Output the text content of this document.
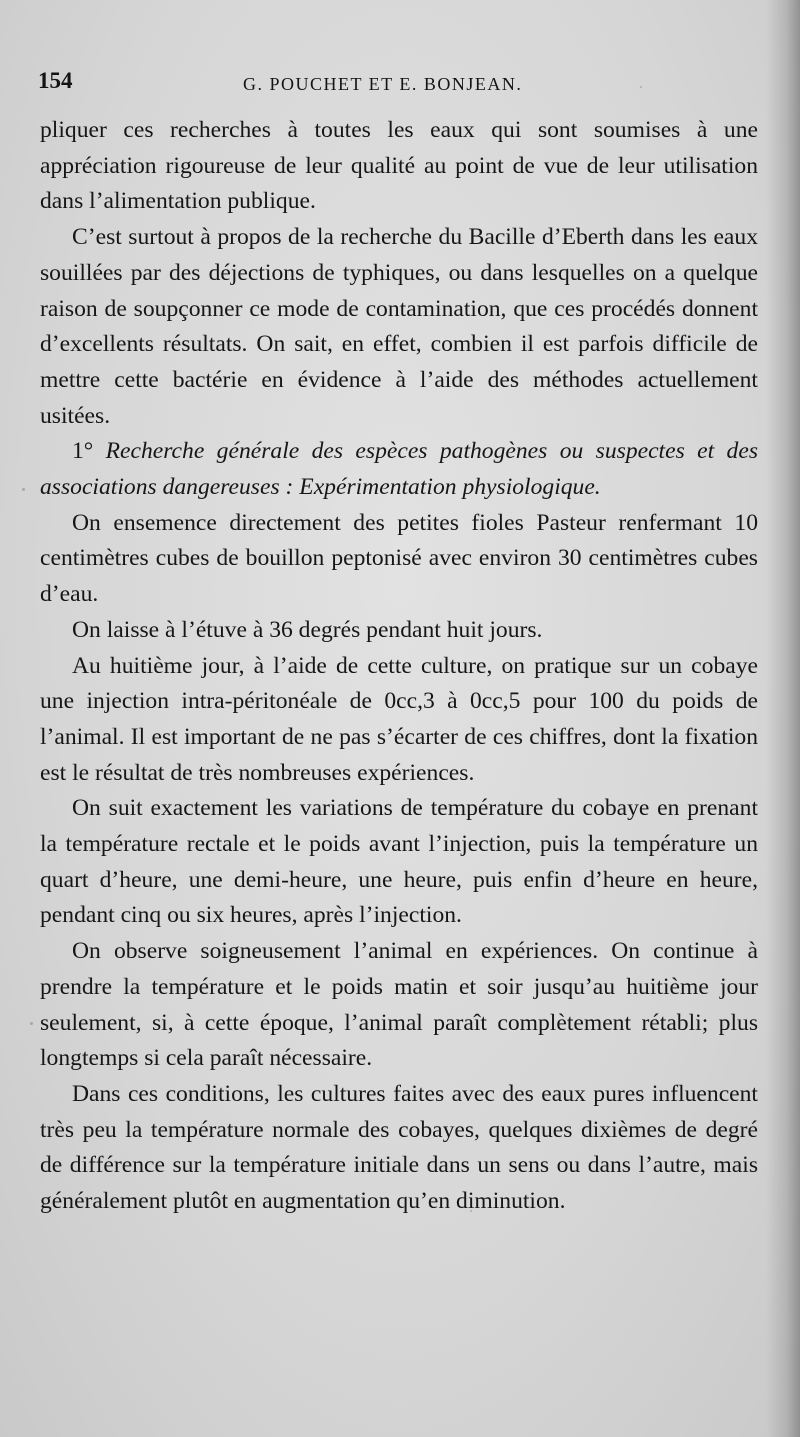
154	G. POUCHET ET E. BONJEAN.

pliquer ces recherches à toutes les eaux qui sont soumises à une appréciation rigoureuse de leur qualité au point de vue de leur utilisation dans l’alimentation publique.

C’est surtout à propos de la recherche du Bacille d’Eberth dans les eaux souillées par des déjections de typhiques, ou dans lesquelles on a quelque raison de soupçonner ce mode de contamination, que ces procédés donnent d’excellents résultats. On sait, en effet, combien il est parfois difficile de mettre cette bactérie en évidence à l’aide des méthodes actuellement usitées.

1° Recherche générale des espèces pathogènes ou suspectes et des associations dangereuses : Expérimentation physiologique.

On ensemence directement des petites fioles Pasteur renfermant 10 centimètres cubes de bouillon peptonisé avec environ 30 centimètres cubes d’eau.

On laisse à l’étuve à 36 degrés pendant huit jours.

Au huitième jour, à l’aide de cette culture, on pratique sur un cobaye une injection intra-péritonéale de 0cc,3 à 0cc,5 pour 100 du poids de l’animal. Il est important de ne pas s’écarter de ces chiffres, dont la fixation est le résultat de très nombreuses expériences.

On suit exactement les variations de température du cobaye en prenant la température rectale et le poids avant l’injection, puis la température un quart d’heure, une demi-heure, une heure, puis enfin d’heure en heure, pendant cinq ou six heures, après l’injection.

On observe soigneusement l’animal en expériences. On continue à prendre la température et le poids matin et soir jusqu’au huitième jour seulement, si, à cette époque, l’animal paraît complètement rétabli; plus longtemps si cela paraît nécessaire.

Dans ces conditions, les cultures faites avec des eaux pures influencent très peu la température normale des cobayes, quelques dixièmes de degré de différence sur la température initiale dans un sens ou dans l’autre, mais généralement plutôt en augmentation qu’en diminution.
